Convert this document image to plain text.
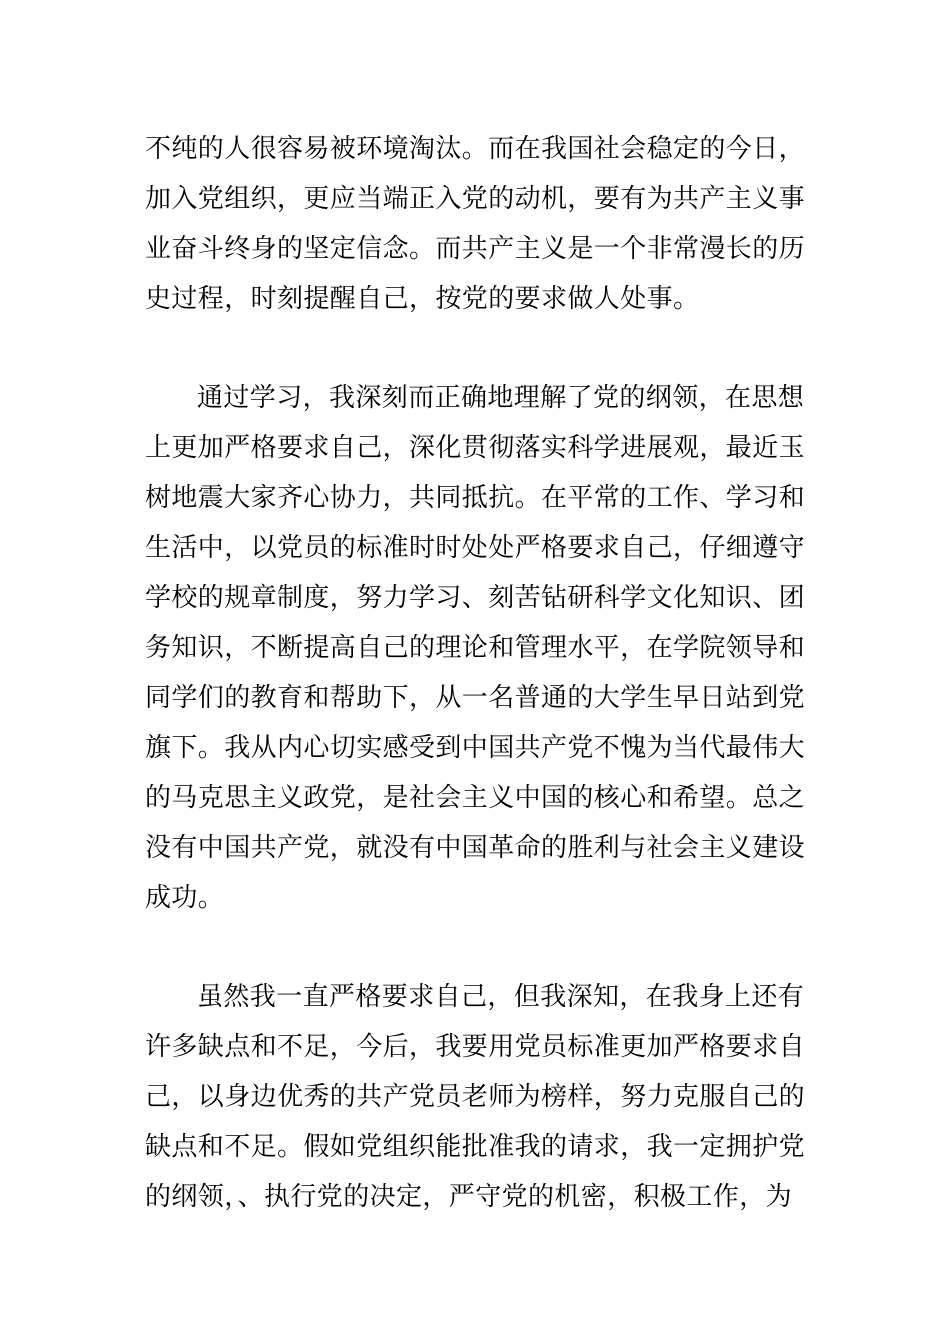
不纯的人很容易被环境淘汰。而在我国社会稳定的今日，
加入党组织，更应当端正入党的动机，要有为共产主义事
业奋斗终身的坚定信念。而共产主义是一个非常漫长的历
史过程，时刻提醒自己，按党的要求做人处事。
通过学习，我深刻而正确地理解了党的纲领，在思想
上更加严格要求自己，深化贯彻落实科学进展观，最近玉
树地震大家齐心协力，共同抵抗。在平常的工作、学习和
生活中，以党员的标准时时处处严格要求自己，仔细遵守
学校的规章制度，努力学习、刻苦钻研科学文化知识、团
务知识，不断提高自己的理论和管理水平，在学院领导和
同学们的教育和帮助下，从一名普通的大学生早日站到党
旗下。我从内心切实感受到中国共产党不愧为当代最伟大
的马克思主义政党，是社会主义中国的核心和希望。总之
没有中国共产党，就没有中国革命的胜利与社会主义建设
成功。
虽然我一直严格要求自己，但我深知，在我身上还有
许多缺点和不足，今后，我要用党员标准更加严格要求自
己，以身边优秀的共产党员老师为榜样，努力克服自己的
缺点和不足。假如党组织能批准我的请求，我一定拥护党
的纲领，、执行党的决定，严守党的机密，积极工作，为
